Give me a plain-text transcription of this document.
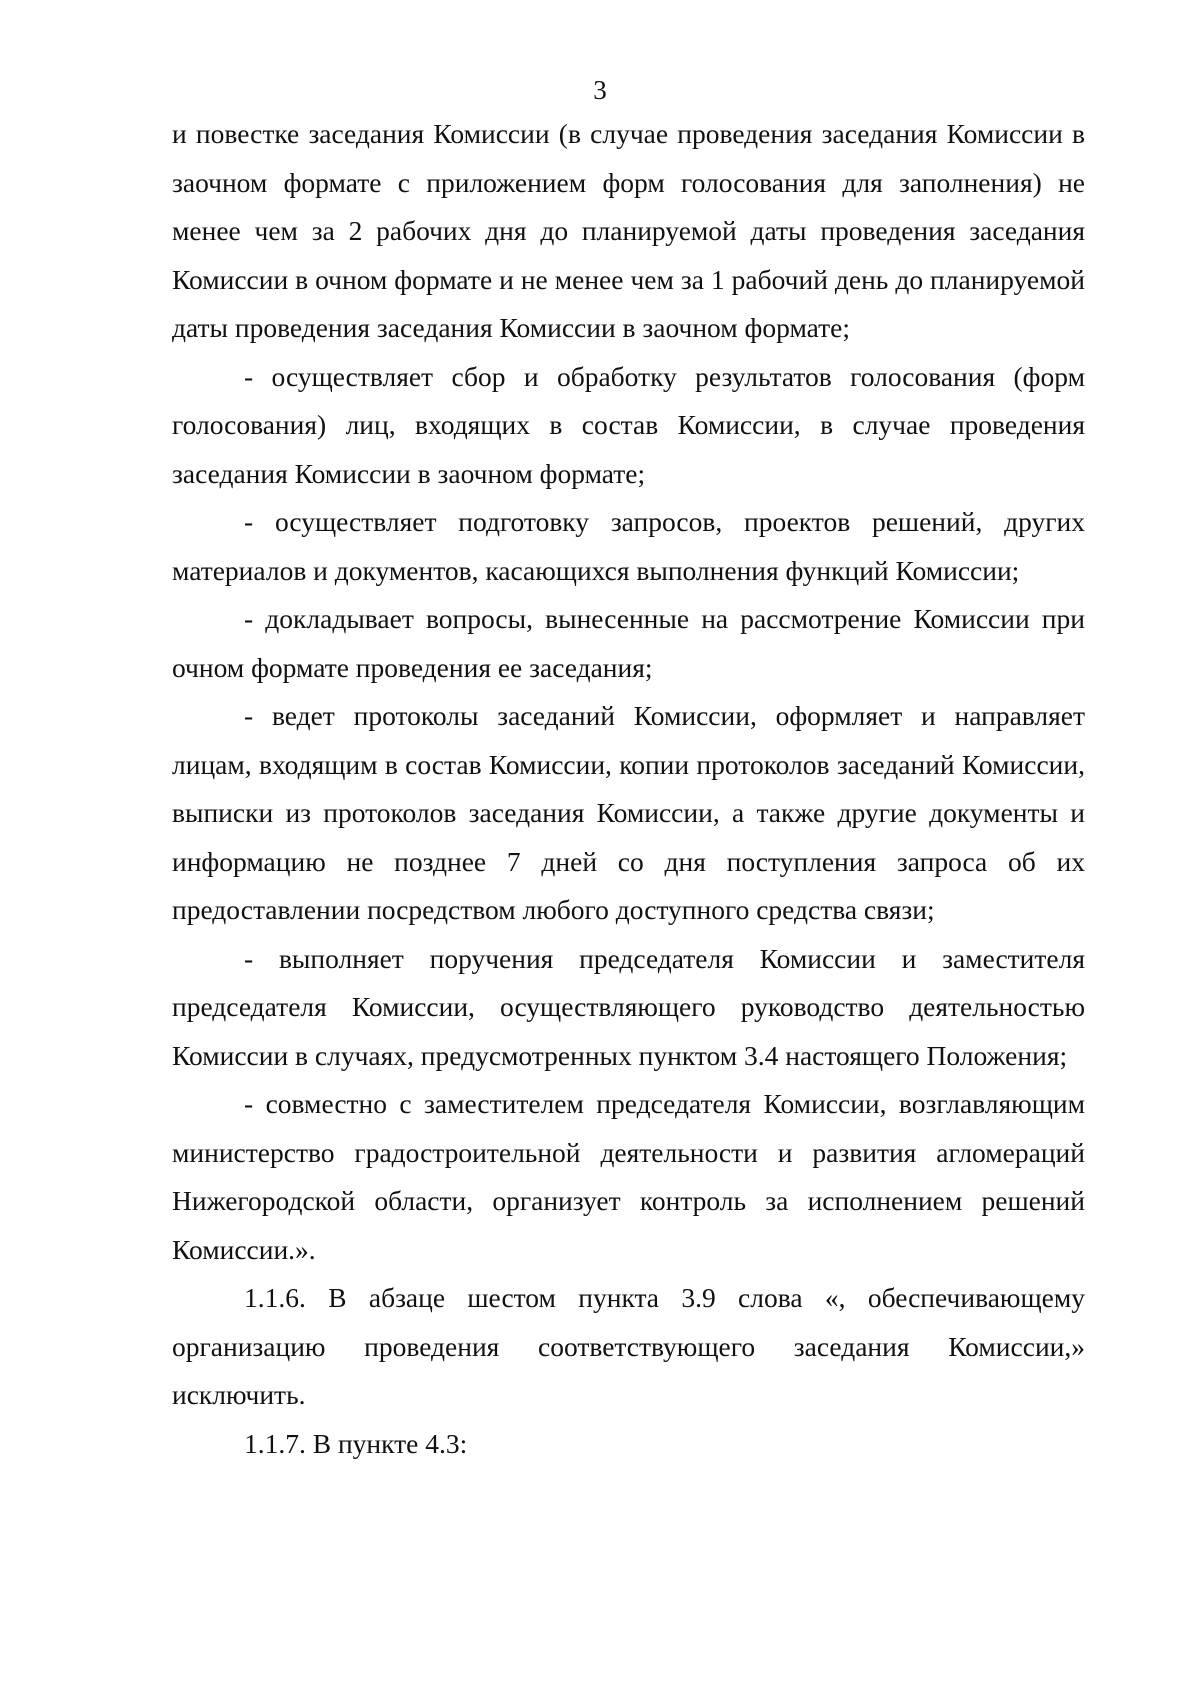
3

и повестке заседания Комиссии (в случае проведения заседания Комиссии в заочном формате с приложением форм голосования для заполнения) не менее чем за 2 рабочих дня до планируемой даты проведения заседания Комиссии в очном формате и не менее чем за 1 рабочий день до планируемой даты проведения заседания Комиссии в заочном формате;

- осуществляет сбор и обработку результатов голосования (форм голосования) лиц, входящих в состав Комиссии, в случае проведения заседания Комиссии в заочном формате;

- осуществляет подготовку запросов, проектов решений, других материалов и документов, касающихся выполнения функций Комиссии;

- докладывает вопросы, вынесенные на рассмотрение Комиссии при очном формате проведения ее заседания;

- ведет протоколы заседаний Комиссии, оформляет и направляет лицам, входящим в состав Комиссии, копии протоколов заседаний Комиссии, выписки из протоколов заседания Комиссии, а также другие документы и информацию не позднее 7 дней со дня поступления запроса об их предоставлении посредством любого доступного средства связи;

- выполняет поручения председателя Комиссии и заместителя председателя Комиссии, осуществляющего руководство деятельностью Комиссии в случаях, предусмотренных пунктом 3.4 настоящего Положения;

- совместно с заместителем председателя Комиссии, возглавляющим министерство градостроительной деятельности и развития агломераций Нижегородской области, организует контроль за исполнением решений Комиссии.».

1.1.6. В абзаце шестом пункта 3.9 слова «, обеспечивающему организацию проведения соответствующего заседания Комиссии,» исключить.

1.1.7. В пункте 4.3:
